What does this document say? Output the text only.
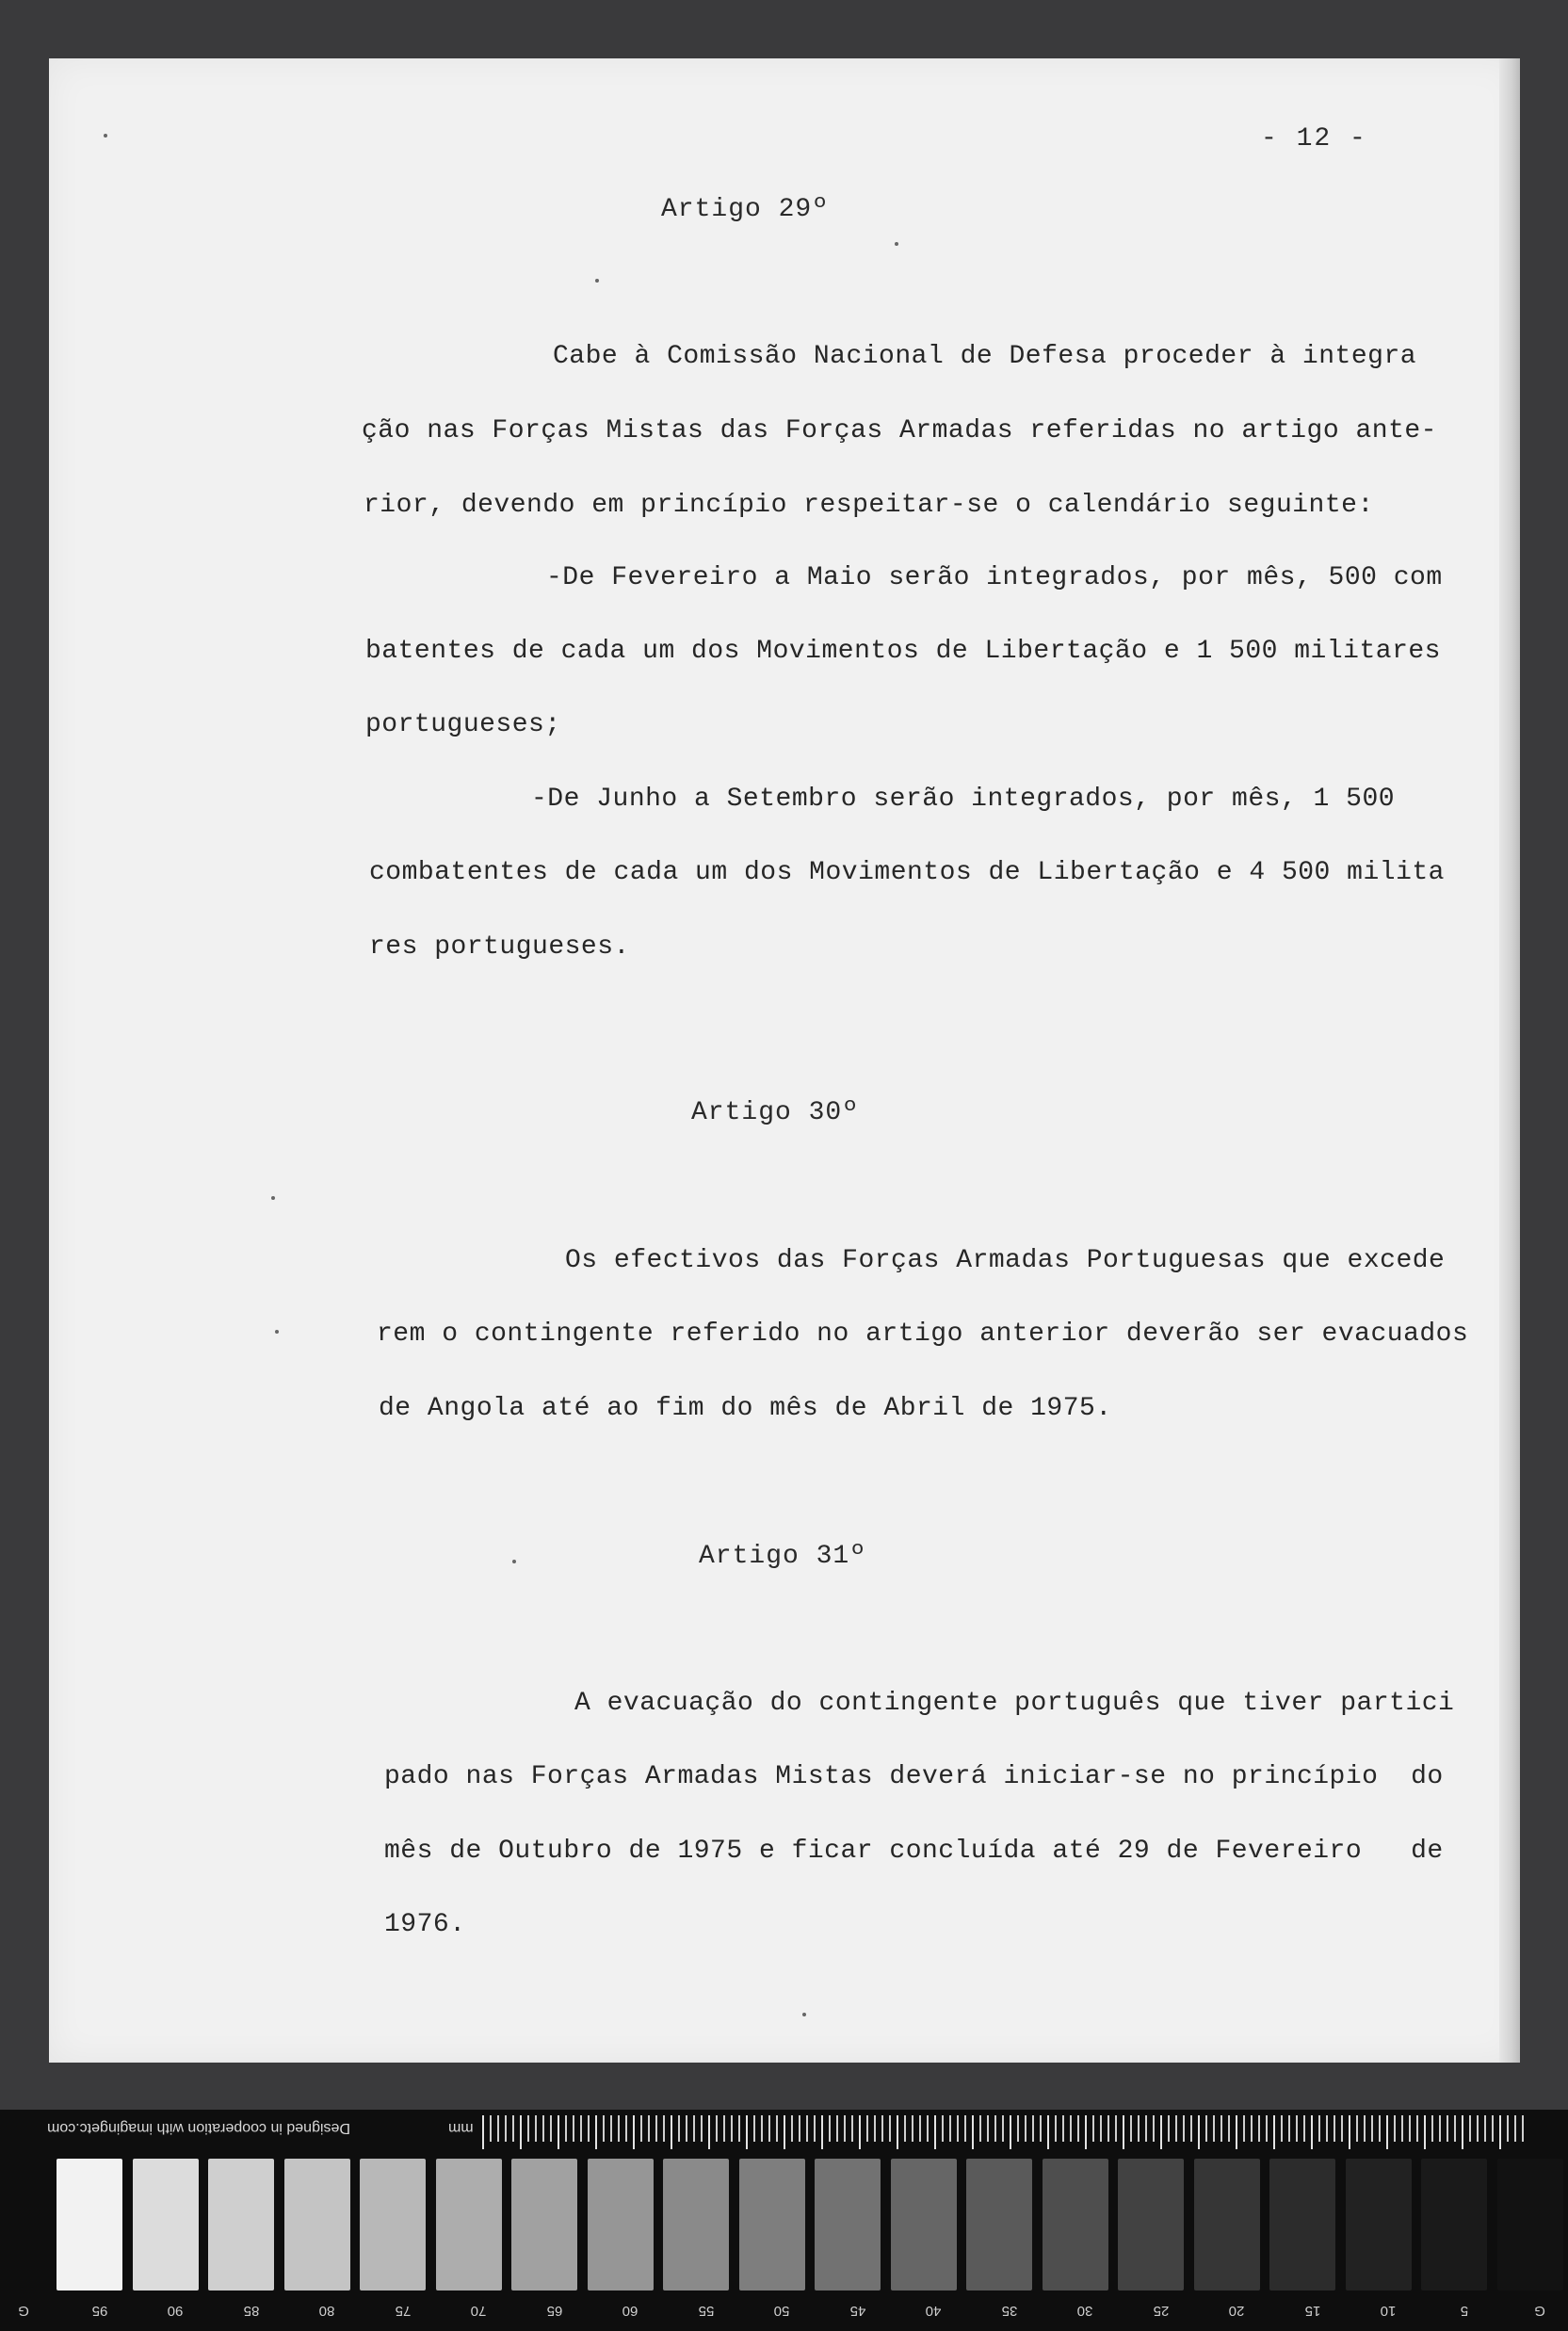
- 12 -
Artigo 29º
Cabe à Comissão Nacional de Defesa proceder à integra
ção nas Forças Mistas das Forças Armadas referidas no artigo ante-
rior, devendo em princípio respeitar-se o calendário seguinte:
-De Fevereiro a Maio serão integrados, por mês, 500 com
batentes de cada um dos Movimentos de Libertação e 1 500 militares
portugueses;
-De Junho a Setembro serão integrados, por mês, 1 500
combatentes de cada um dos Movimentos de Libertação e 4 500 milita
res portugueses.
Artigo 30º
Os efectivos das Forças Armadas Portuguesas que excede
rem o contingente referido no artigo anterior deverão ser evacuados
de Angola até ao fim do mês de Abril de 1975.
Artigo 31º
A evacuação do contingente português que tiver partici
pado nas Forças Armadas Mistas deverá iniciar-se no princípio  do
mês de Outubro de 1975 e ficar concluída até 29 de Fevereiro   de
1976.
Designed in cooperation with imagingetc.com	mm
G	95	90	85	80	75	70	65	60	55	50	45	40	35	30	25	20	15	10	5	G
